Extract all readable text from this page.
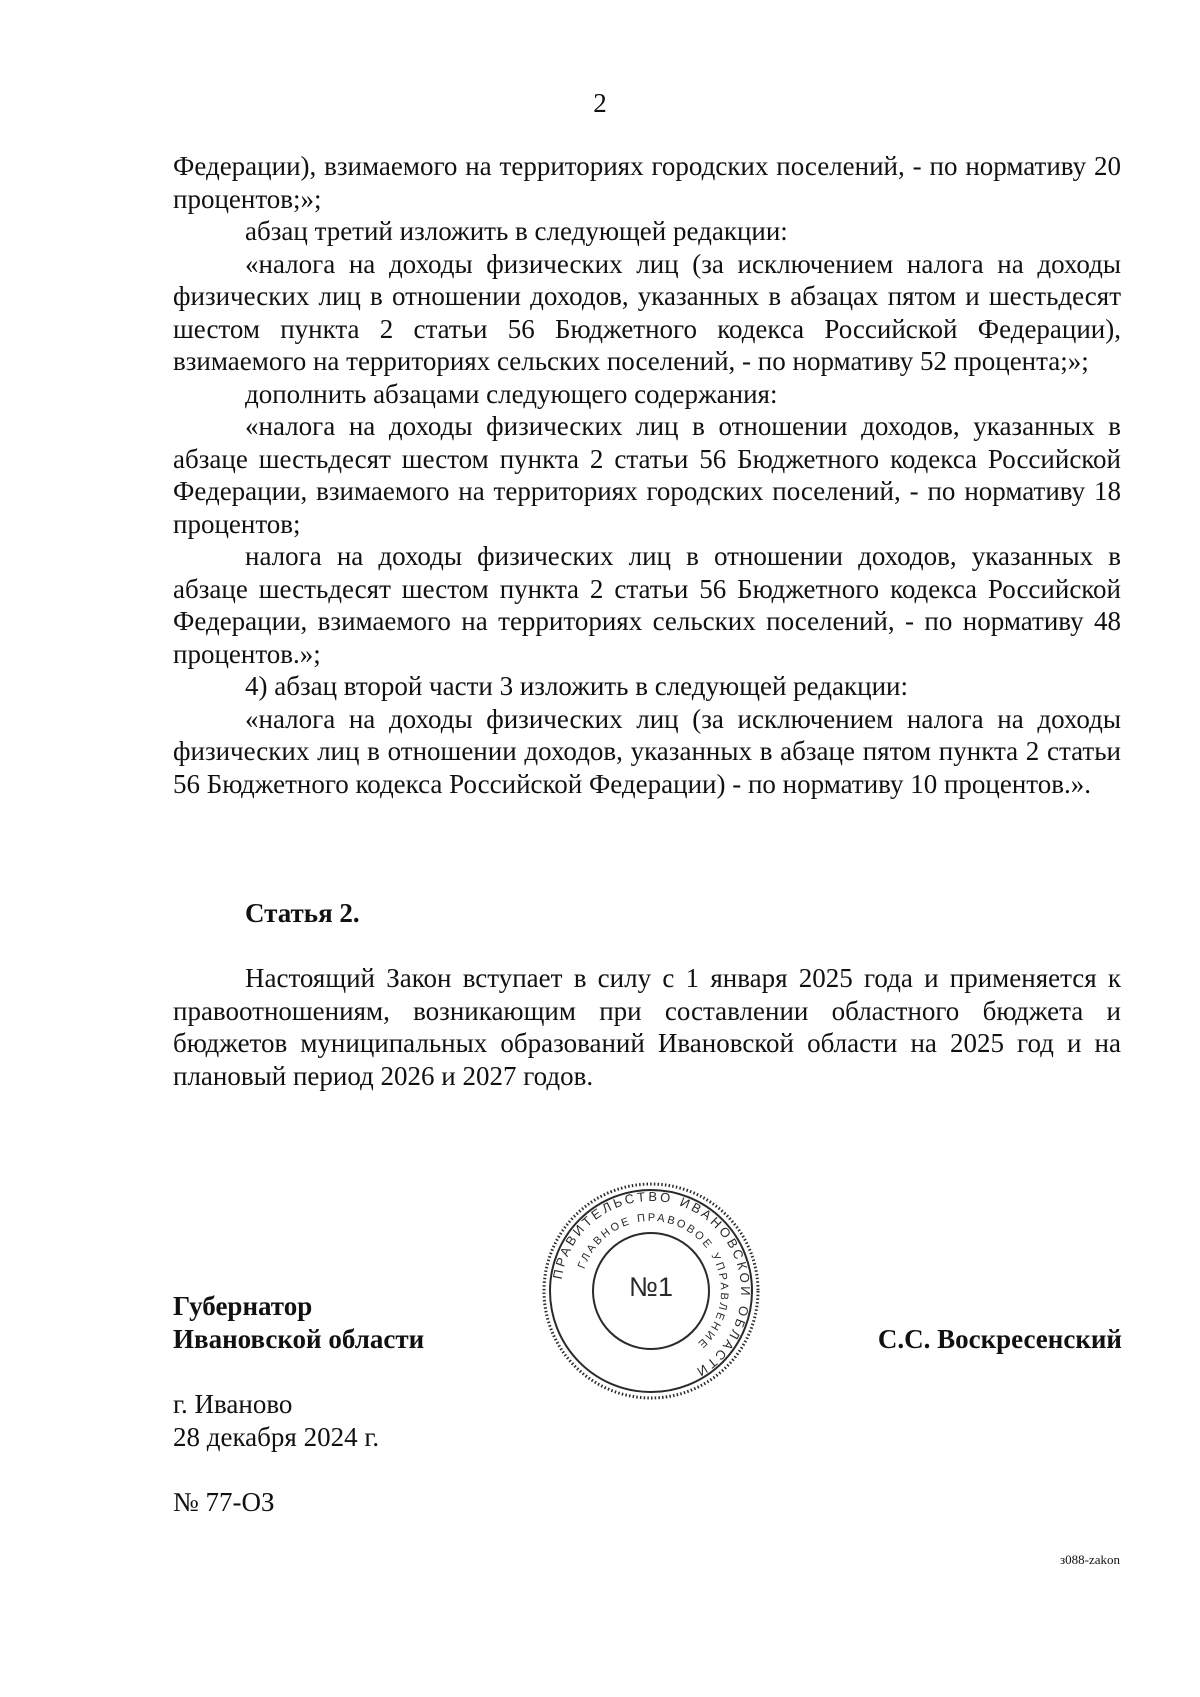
2

Федерации), взимаемого на территориях городских поселений, - по нормативу 20 процентов;»;

абзац третий изложить в следующей редакции:

«налога на доходы физических лиц (за исключением налога на доходы физических лиц в отношении доходов, указанных в абзацах пятом и шестьдесят шестом пункта 2 статьи 56 Бюджетного кодекса Российской Федерации), взимаемого на территориях сельских поселений, - по нормативу 52 процента;»;

дополнить абзацами следующего содержания:

«налога на доходы физических лиц в отношении доходов, указанных в абзаце шестьдесят шестом пункта 2 статьи 56 Бюджетного кодекса Российской Федерации, взимаемого на территориях городских поселений, - по нормативу 18 процентов;

налога на доходы физических лиц в отношении доходов, указанных в абзаце шестьдесят шестом пункта 2 статьи 56 Бюджетного кодекса Российской Федерации, взимаемого на территориях сельских поселений, - по нормативу 48 процентов.»;

4) абзац второй части 3 изложить в следующей редакции:

«налога на доходы физических лиц (за исключением налога на доходы физических лиц в отношении доходов, указанных в абзаце пятом пункта 2 статьи 56 Бюджетного кодекса Российской Федерации) - по нормативу 10 процентов.».

Статья 2.

Настоящий Закон вступает в силу с 1 января 2025 года и применяется к правоотношениям, возникающим при составлении областного бюджета и бюджетов муниципальных образований Ивановской области на 2025 год и на плановый период 2026 и 2027 годов.

Губернатор
Ивановской области
ПРАВИТЕЛЬСТВО ИВАНОВСКОЙ ОБЛАСТИ
ГЛАВНОЕ ПРАВОВОЕ УПРАВЛЕНИЕ
№1
С.С. Воскресенский
г. Иваново
28 декабря 2024 г.
№ 77-ОЗ
з088-zakon
